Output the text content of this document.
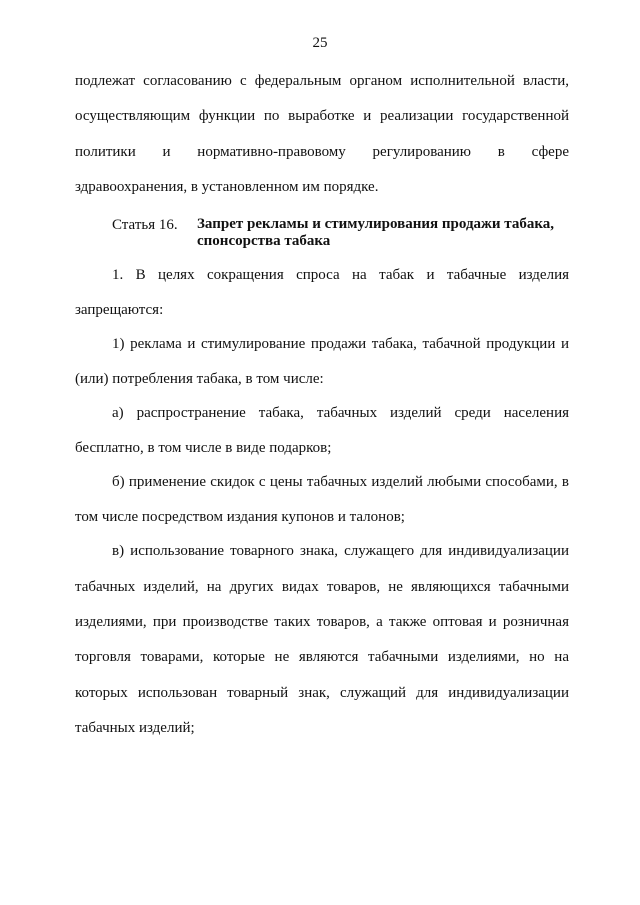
25
подлежат согласованию с федеральным органом исполнительной власти,
осуществляющим функции по выработке и реализации государственной
политики и нормативно-правовому регулированию в сфере
здравоохранения, в установленном им порядке.
Статья 16. Запрет рекламы и стимулирования продажи табака,
спонсорства табака
1. В целях сокращения спроса на табак и табачные изделия
запрещаются:
1) реклама и стимулирование продажи табака, табачной продукции и
(или) потребления табака, в том числе:
а) распространение табака, табачных изделий среди населения
бесплатно, в том числе в виде подарков;
б) применение скидок с цены табачных изделий любыми способами, в
том числе посредством издания купонов и талонов;
в) использование товарного знака, служащего для индивидуализации
табачных изделий, на других видах товаров, не являющихся табачными
изделиями, при производстве таких товаров, а также оптовая и розничная
торговля товарами, которые не являются табачными изделиями, но на
которых использован товарный знак, служащий для индивидуализации
табачных изделий;
